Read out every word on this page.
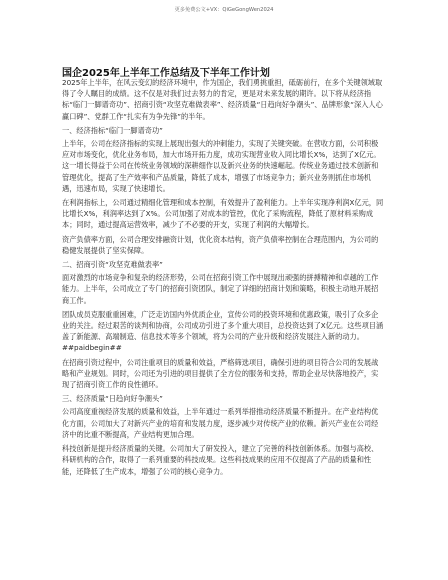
更多免费公文+VX：QiGeGongWen2024
国企2025年上半年工作总结及下半年工作计划

2025年上半年，在风云变幻的经济环境中，作为国企，我们勇挑重担，砥砺前行，在多个关键领域取得了令人瞩目的成绩。这不仅是对我们过去努力的肯定，更是对未来发展的期许。以下将从经济指标“临门一脚谱奇功”、招商引资“攻坚克难做表率”、经济质量“日趋向好争潮头”、品牌形象“深入人心赢口碑”、党群工作“扎实有为争先锋”的半年。

一、经济指标“临门一脚谱奇功”

上半年，公司在经济指标的实现上展现出强大的冲刺能力，实现了关键突破。在营收方面，公司积极应对市场变化，优化业务布局，加大市场开拓力度，成功实现营业收入同比增长X%，达到了X亿元。这一增长得益于公司在传统业务领域的深耕细作以及新兴业务的快速崛起。传统业务通过技术创新和管理优化，提高了生产效率和产品质量，降低了成本，增强了市场竞争力；新兴业务则抓住市场机遇，迅速布局，实现了快速增长。

在利润指标上，公司通过精细化管理和成本控制，有效提升了盈利能力。上半年实现净利润X亿元，同比增长X%，利润率达到了X%。公司加强了对成本的管控，优化了采购流程，降低了原材料采购成本；同时，通过提高运营效率，减少了不必要的开支，实现了利润的大幅增长。

资产负债率方面，公司合理安排融资计划，优化资本结构，资产负债率控制在合理范围内，为公司的稳健发展提供了坚实保障。

二、招商引资“攻坚克难做表率”

面对激烈的市场竞争和复杂的经济形势，公司在招商引资工作中展现出顽强的拼搏精神和卓越的工作能力。上半年，公司成立了专门的招商引资团队，制定了详细的招商计划和策略，积极主动地开展招商工作。

团队成员克服重重困难，广泛走访国内外优质企业，宣传公司的投资环境和优惠政策，吸引了众多企业的关注。经过艰苦的谈判和协商，公司成功引进了多个重大项目，总投资达到了X亿元。这些项目涵盖了新能源、高端制造、信息技术等多个领域，将为公司的产业升级和经济发展注入新的动力。##paidbegin##

在招商引资过程中，公司注重项目的质量和效益，严格筛选项目，确保引进的项目符合公司的发展战略和产业规划。同时，公司还为引进的项目提供了全方位的服务和支持，帮助企业尽快落地投产，实现了招商引资工作的良性循环。

三、经济质量“日趋向好争潮头”

公司高度重视经济发展的质量和效益，上半年通过一系列举措推动经济质量不断提升。在产业结构优化方面，公司加大了对新兴产业的培育和发展力度，逐步减少对传统产业的依赖。新兴产业在公司经济中的比重不断提高，产业结构更加合理。

科技创新是提升经济质量的关键。公司加大了研发投入，建立了完善的科技创新体系。加强与高校、科研机构的合作，取得了一系列重要的科技成果。这些科技成果的应用不仅提高了产品的质量和性能，还降低了生产成本，增强了公司的核心竞争力。
